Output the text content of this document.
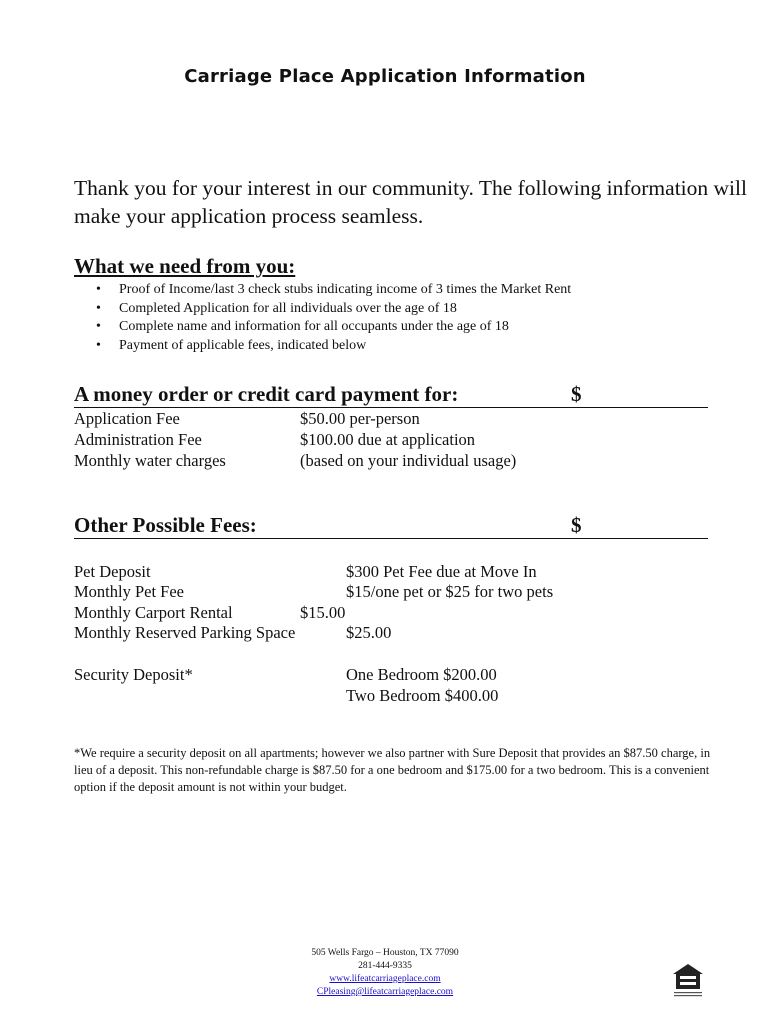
Carriage Place Application Information
Thank you for your interest in our community. The following information will make your application process seamless.
What we need from you:
• Proof of Income/last 3 check stubs indicating income of 3 times the Market Rent
• Completed Application for all individuals over the age of 18
• Complete name and information for all occupants under the age of 18
• Payment of applicable fees, indicated below
A money order or credit card payment for:	$
Application Fee	$50.00 per-person
Administration Fee	$100.00 due at application
Monthly water charges	(based on your individual usage)
Other Possible Fees:	$
Pet Deposit	$300 Pet Fee due at Move In
Monthly Pet Fee	$15/one pet or $25 for two pets
Monthly Carport Rental	$15.00
Monthly Reserved Parking Space	$25.00
Security Deposit*	One Bedroom $200.00
Two Bedroom $400.00
*We require a security deposit on all apartments; however we also partner with Sure Deposit that provides an $87.50 charge, in lieu of a deposit. This non-refundable charge is $87.50 for a one bedroom and $175.00 for a two bedroom. This is a convenient option if the deposit amount is not within your budget.
505 Wells Fargo – Houston, TX 77090
281-444-9335
www.lifeatcarriageplace.com
CPleasing@lifeatcarriageplace.com
